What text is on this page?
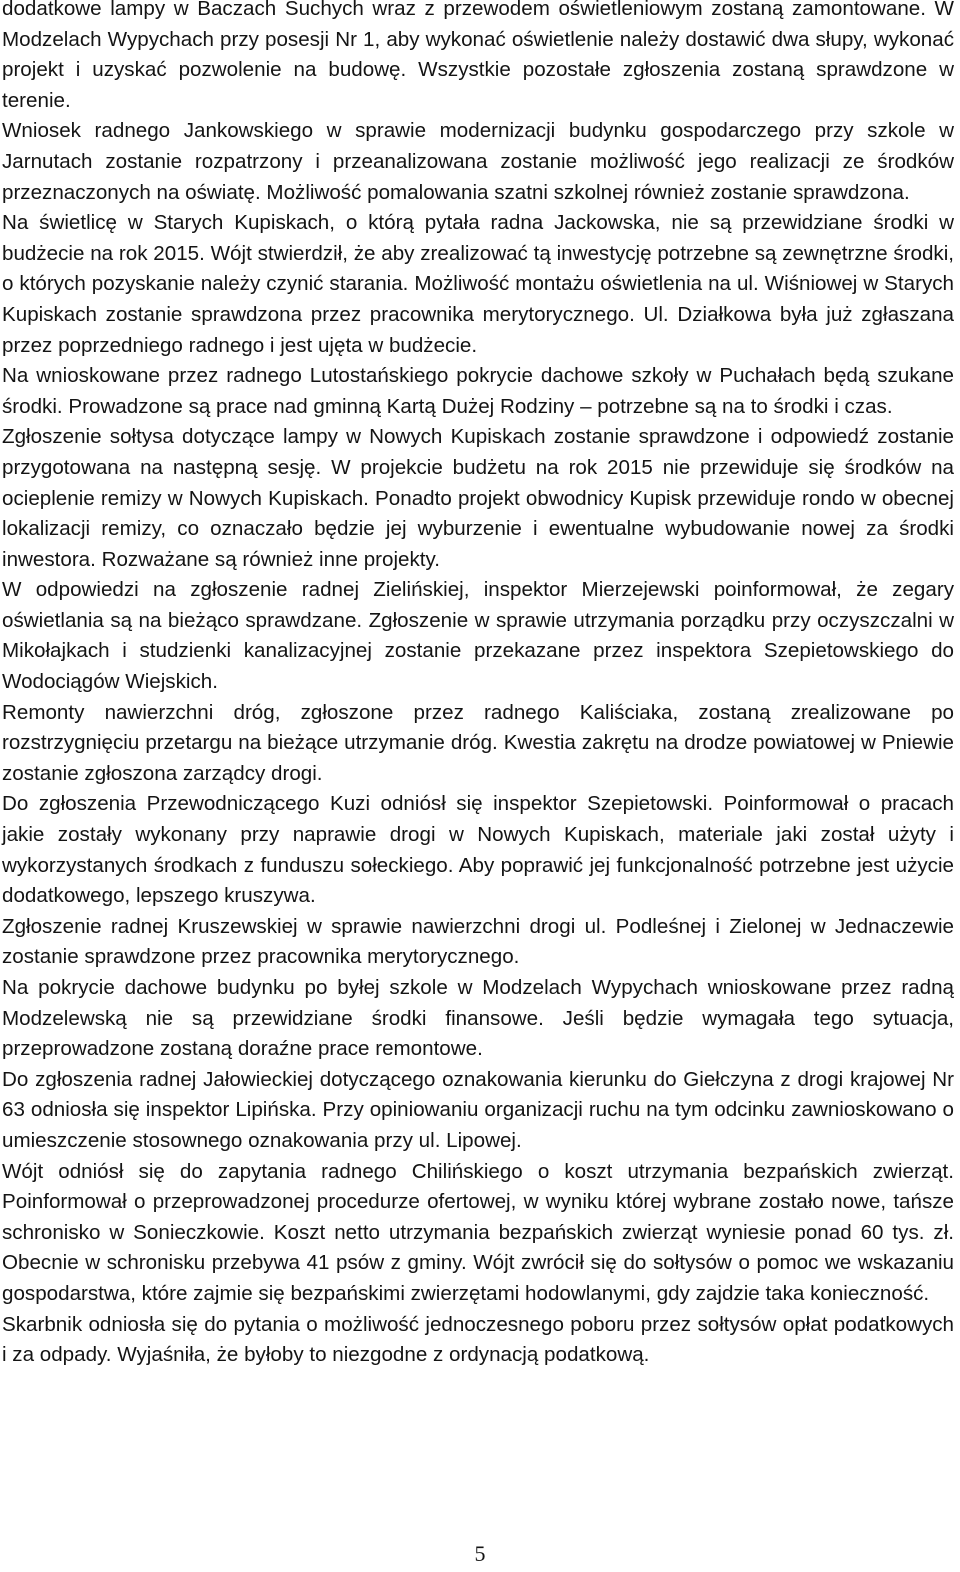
dodatkowe lampy w Baczach Suchych wraz z przewodem oświetleniowym zostaną zamontowane. W Modzelach Wypychach przy posesji Nr 1, aby wykonać oświetlenie należy dostawić dwa słupy, wykonać projekt i uzyskać pozwolenie na budowę. Wszystkie pozostałe zgłoszenia zostaną sprawdzone w terenie.

Wniosek radnego Jankowskiego w sprawie modernizacji budynku gospodarczego przy szkole w Jarnutach zostanie rozpatrzony i przeanalizowana zostanie możliwość jego realizacji ze środków przeznaczonych na oświatę. Możliwość pomalowania szatni szkolnej również zostanie sprawdzona.

Na świetlicę w Starych Kupiskach, o którą pytała radna Jackowska, nie są przewidziane środki w budżecie na rok 2015. Wójt stwierdził, że aby zrealizować tą inwestycję potrzebne są zewnętrzne środki, o których pozyskanie należy czynić starania. Możliwość montażu oświetlenia na ul. Wiśniowej w Starych Kupiskach zostanie sprawdzona przez pracownika merytorycznego. Ul. Działkowa była już zgłaszana przez poprzedniego radnego i jest ujęta w budżecie.

Na wnioskowane przez radnego Lutostańskiego pokrycie dachowe szkoły w Puchałach będą szukane środki. Prowadzone są prace nad gminną Kartą Dużej Rodziny – potrzebne są na to środki i czas.

Zgłoszenie sołtysa dotyczące lampy w Nowych Kupiskach zostanie sprawdzone i odpowiedź zostanie przygotowana na następną sesję. W projekcie budżetu na rok 2015 nie przewiduje się środków na ocieplenie remizy w Nowych Kupiskach. Ponadto projekt obwodnicy Kupisk przewiduje rondo w obecnej lokalizacji remizy, co oznaczało będzie jej wyburzenie i ewentualne wybudowanie nowej za środki inwestora. Rozważane są również inne projekty.

W odpowiedzi na zgłoszenie radnej Zielińskiej, inspektor Mierzejewski poinformował, że zegary oświetlania są na bieżąco sprawdzane. Zgłoszenie w sprawie utrzymania porządku przy oczyszczalni w Mikołajkach i studzienki kanalizacyjnej zostanie przekazane przez inspektora Szepietowskiego do Wodociągów Wiejskich.

Remonty nawierzchni dróg, zgłoszone przez radnego Kaliściaka, zostaną zrealizowane po rozstrzygnięciu przetargu na bieżące utrzymanie dróg. Kwestia zakrętu na drodze powiatowej w Pniewie zostanie zgłoszona zarządcy drogi.

Do zgłoszenia Przewodniczącego Kuzi odniósł się inspektor Szepietowski. Poinformował o pracach jakie zostały wykonany przy naprawie drogi w Nowych Kupiskach, materiale jaki został użyty i wykorzystanych środkach z funduszu sołeckiego. Aby poprawić jej funkcjonalność potrzebne jest użycie dodatkowego, lepszego kruszywa.

Zgłoszenie radnej Kruszewskiej w sprawie nawierzchni drogi ul. Podleśnej i Zielonej w Jednaczewie zostanie sprawdzone przez pracownika merytorycznego.

Na pokrycie dachowe budynku po byłej szkole w Modzelach Wypychach wnioskowane przez radną Modzelewską nie są przewidziane środki finansowe. Jeśli będzie wymagała tego sytuacja, przeprowadzone zostaną doraźne prace remontowe.

Do zgłoszenia radnej Jałowieckiej dotyczącego oznakowania kierunku do Giełczyna z drogi krajowej Nr 63 odniosła się inspektor Lipińska. Przy opiniowaniu organizacji ruchu na tym odcinku zawnioskowano o umieszczenie stosownego oznakowania przy ul. Lipowej.

Wójt odniósł się do zapytania radnego Chilińskiego o koszt utrzymania bezpańskich zwierząt. Poinformował o przeprowadzonej procedurze ofertowej, w wyniku której wybrane zostało nowe, tańsze schronisko w Sonieczkowie. Koszt netto utrzymania bezpańskich zwierząt wyniesie ponad 60 tys. zł. Obecnie w schronisku przebywa 41 psów z gminy. Wójt zwrócił się do sołtysów o pomoc we wskazaniu gospodarstwa, które zajmie się bezpańskimi zwierzętami hodowlanymi, gdy zajdzie taka konieczność.

Skarbnik odniosła się do pytania o możliwość jednoczesnego poboru przez sołtysów opłat podatkowych i za odpady. Wyjaśniła, że byłoby to niezgodne z ordynacją podatkową.

5
